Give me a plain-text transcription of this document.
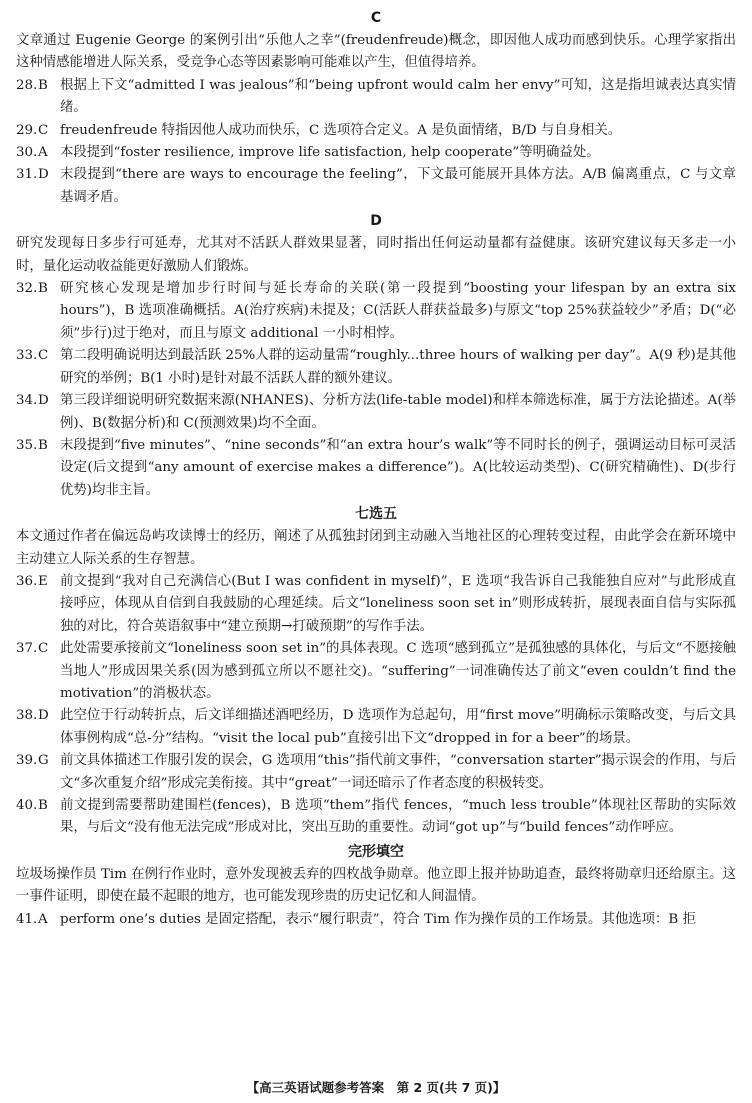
C
文章通过 Eugenie George 的案例引出“乐他人之幸”(freudenfreude)概念，即因他人成功而感到快乐。心理学家指出这种情感能增进人际关系，受竞争心态等因素影响可能难以产生，但值得培养。
28.B 根据上下文“admitted I was jealous”和“being upfront would calm her envy”可知，这是指坦诚表达真实情绪。
29.C freudenfreude 特指因他人成功而快乐，C 选项符合定义。A 是负面情绪，B/D 与自身相关。
30.A 本段提到“foster resilience, improve life satisfaction, help cooperate”等明确益处。
31.D 末段提到“there are ways to encourage the feeling”，下文最可能展开具体方法。A/B 偏离重点，C 与文章基调矛盾。
D
研究发现每日多步行可延寿，尤其对不活跃人群效果显著，同时指出任何运动量都有益健康。该研究建议每天多走一小时，量化运动收益能更好激励人们锻炼。
32.B 研究核心发现是增加步行时间与延长寿命的关联(第一段提到“boosting your lifespan by an extra six hours”)，B 选项准确概括。A(治疗疾病)未提及；C(活跃人群获益最多)与原文“top 25%获益较少”矛盾；D(“必须”步行)过于绝对，而且与原文 additional 一小时相悖。
33.C 第二段明确说明达到最活跃 25%人群的运动量需“roughly...three hours of walking per day”。A(9 秒)是其他研究的举例；B(1 小时)是针对最不活跃人群的额外建议。
34.D 第三段详细说明研究数据来源(NHANES)、分析方法(life-table model)和样本筛选标准，属于方法论描述。A(举例)、B(数据分析)和 C(预测效果)均不全面。
35.B 末段提到“five minutes”、“nine seconds”和“an extra hour’s walk”等不同时长的例子，强调运动目标可灵活设定(后文提到“any amount of exercise makes a difference”)。A(比较运动类型)、C(研究精确性)、D(步行优势)均非主旨。
七选五
本文通过作者在偏远岛屿攻读博士的经历，阐述了从孤独封闭到主动融入当地社区的心理转变过程，由此学会在新环境中主动建立人际关系的生存智慧。
36.E 前文提到“我对自己充满信心(But I was confident in myself)”，E 选项“我告诉自己我能独自应对”与此形成直接呼应，体现从自信到自我鼓励的心理延续。后文“loneliness soon set in”则形成转折，展现表面自信与实际孤独的对比，符合英语叙事中“建立预期→打破预期”的写作手法。
37.C 此处需要承接前文“loneliness soon set in”的具体表现。C 选项“感到孤立”是孤独感的具体化，与后文“不愿接触当地人”形成因果关系(因为感到孤立所以不愿社交)。“suffering”一词准确传达了前文“even couldn’t find the motivation”的消极状态。
38.D 此空位于行动转折点，后文详细描述酒吧经历，D 选项作为总起句，用“first move”明确标示策略改变，与后文具体事例构成“总-分”结构。“visit the local pub”直接引出下文“dropped in for a beer”的场景。
39.G 前文具体描述工作服引发的误会，G 选项用“this”指代前文事件，“conversation starter”揭示误会的作用，与后文“多次重复介绍”形成完美衔接。其中“great”一词还暗示了作者态度的积极转变。
40.B 前文提到需要帮助建围栏(fences)，B 选项“them”指代 fences，“much less trouble”体现社区帮助的实际效果，与后文“没有他无法完成”形成对比，突出互助的重要性。动词“got up”与“build fences”动作呼应。
完形填空
垃圾场操作员 Tim 在例行作业时，意外发现被丢弃的四枚战争勋章。他立即上报并协助追查，最终将勋章归还给原主。这一事件证明，即使在最不起眼的地方，也可能发现珍贵的历史记忆和人间温情。
41.A perform one’s duties 是固定搭配，表示“履行职责”，符合 Tim 作为操作员的工作场景。其他选项：B 拒
【高三英语试题参考答案　第 2 页(共 7 页)】
